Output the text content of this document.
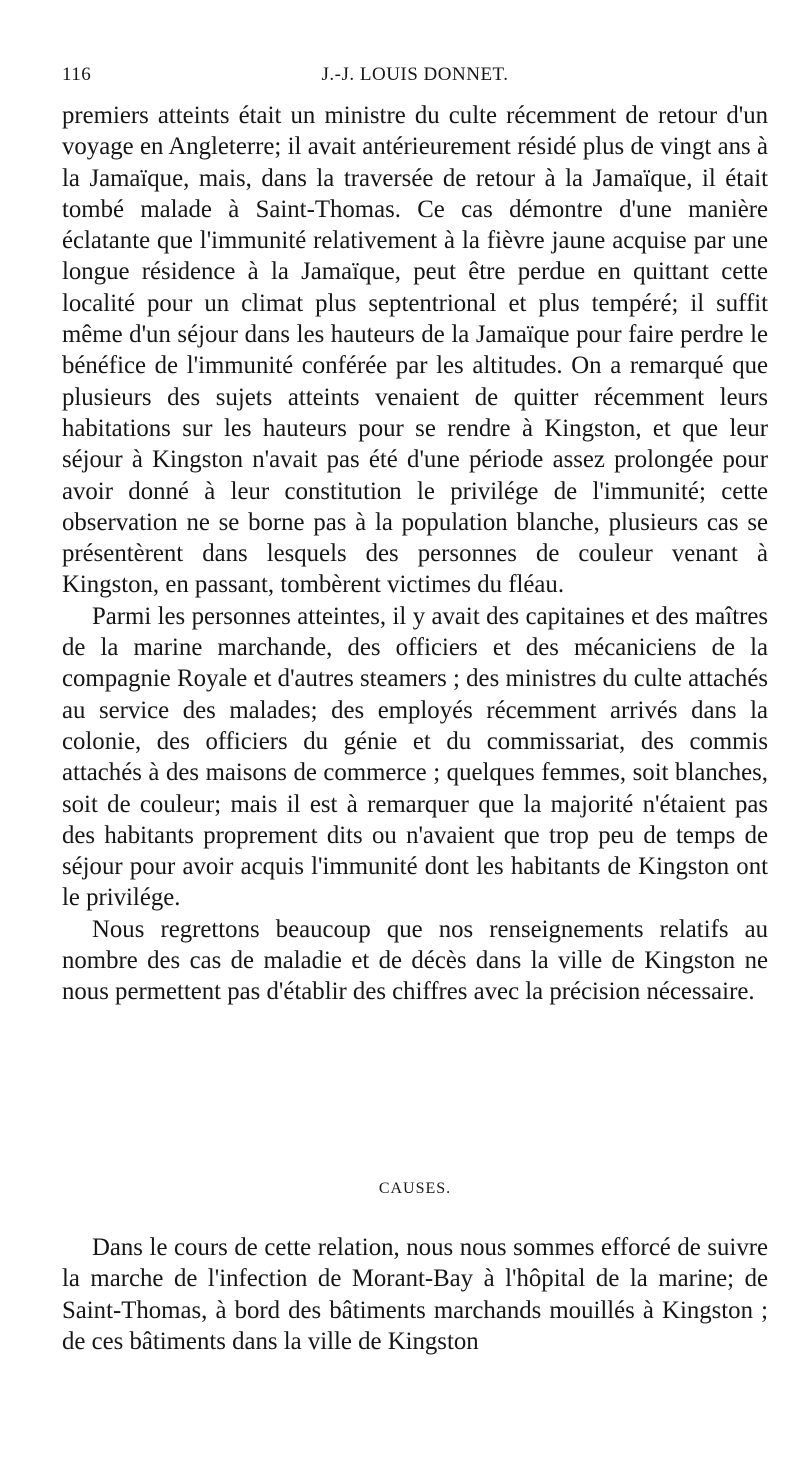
116	J.-J. LOUIS DONNET.

premiers atteints était un ministre du culte récemment de retour d'un voyage en Angleterre; il avait antérieurement résidé plus de vingt ans à la Jamaïque, mais, dans la traversée de retour à la Jamaïque, il était tombé malade à Saint-Thomas. Ce cas démontre d'une manière éclatante que l'immunité relativement à la fièvre jaune acquise par une longue résidence à la Jamaïque, peut être perdue en quittant cette localité pour un climat plus septentrional et plus tempéré; il suffit même d'un séjour dans les hauteurs de la Jamaïque pour faire perdre le bénéfice de l'immunité conférée par les altitudes. On a remarqué que plusieurs des sujets atteints venaient de quitter récemment leurs habitations sur les hauteurs pour se rendre à Kingston, et que leur séjour à Kingston n'avait pas été d'une période assez prolongée pour avoir donné à leur constitution le privilége de l'immunité; cette observation ne se borne pas à la population blanche, plusieurs cas se présentèrent dans lesquels des personnes de couleur venant à Kingston, en passant, tombèrent victimes du fléau.

Parmi les personnes atteintes, il y avait des capitaines et des maîtres de la marine marchande, des officiers et des mécaniciens de la compagnie Royale et d'autres steamers ; des ministres du culte attachés au service des malades; des employés récemment arrivés dans la colonie, des officiers du génie et du commissariat, des commis attachés à des maisons de commerce ; quelques femmes, soit blanches, soit de couleur; mais il est à remarquer que la majorité n'étaient pas des habitants proprement dits ou n'avaient que trop peu de temps de séjour pour avoir acquis l'immunité dont les habitants de Kingston ont le privilége.

Nous regrettons beaucoup que nos renseignements relatifs au nombre des cas de maladie et de décès dans la ville de Kingston ne nous permettent pas d'établir des chiffres avec la précision nécessaire.

CAUSES.

Dans le cours de cette relation, nous nous sommes efforcé de suivre la marche de l'infection de Morant-Bay à l'hôpital de la marine; de Saint-Thomas, à bord des bâtiments marchands mouillés à Kingston ; de ces bâtiments dans la ville de Kingston
